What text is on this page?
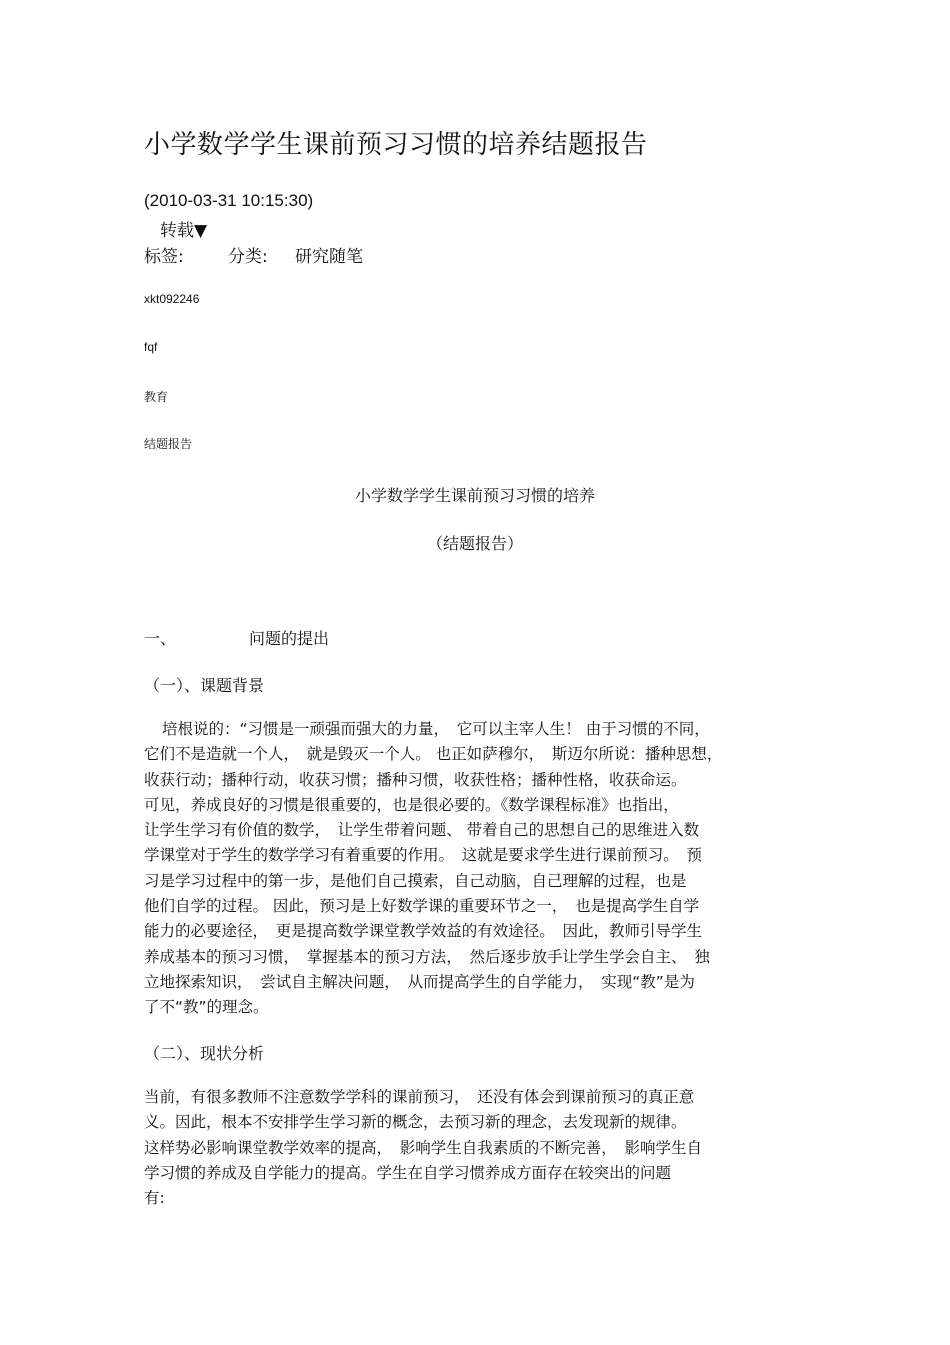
小学数学学生课前预习习惯的培养结题报告
(2010-03-31 10:15:30)
转载▼
标签:	分类: 研究随笔
xkt092246
fqf
教育
结题报告
小学数学学生课前预习习惯的培养
（结题报告）
一、	问题的提出
（一）、课题背景
培根说的：“习惯是一顽强而强大的力量，　它可以主宰人生！ 由于习惯的不同，
它们不是造就一个人，　就是毁灭一个人。 也正如萨穆尔，　斯迈尔所说：播种思想，
收获行动；播种行动，收获习惯；播种习惯，收获性格；播种性格，收获命运。
可见，养成良好的习惯是很重要的，也是很必要的。《数学课程标准》也指出，
让学生学习有价值的数学，　让学生带着问题、 带着自己的思想自己的思维进入数
学课堂对于学生的数学学习有着重要的作用。　这就是要求学生进行课前预习。　预
习是学习过程中的第一步，是他们自己摸索，自己动脑，自己理解的过程，也是
他们自学的过程。 因此，预习是上好数学课的重要环节之一，　也是提高学生自学
能力的必要途径，　更是提高数学课堂教学效益的有效途径。　因此，教师引导学生
养成基本的预习习惯，　掌握基本的预习方法，　然后逐步放手让学生学会自主、　独
立地探索知识，　尝试自主解决问题，　从而提高学生的自学能力，　实现“教”是为
了不“教”的理念。
（二）、现状分析
当前，有很多教师不注意数学学科的课前预习，　还没有体会到课前预习的真正意
义。因此，根本不安排学生学习新的概念，去预习新的理念，去发现新的规律。
这样势必影响课堂教学效率的提高，　影响学生自我素质的不断完善，　影响学生自
学习惯的养成及自学能力的提高。学生在自学习惯养成方面存在较突出的问题
有:
